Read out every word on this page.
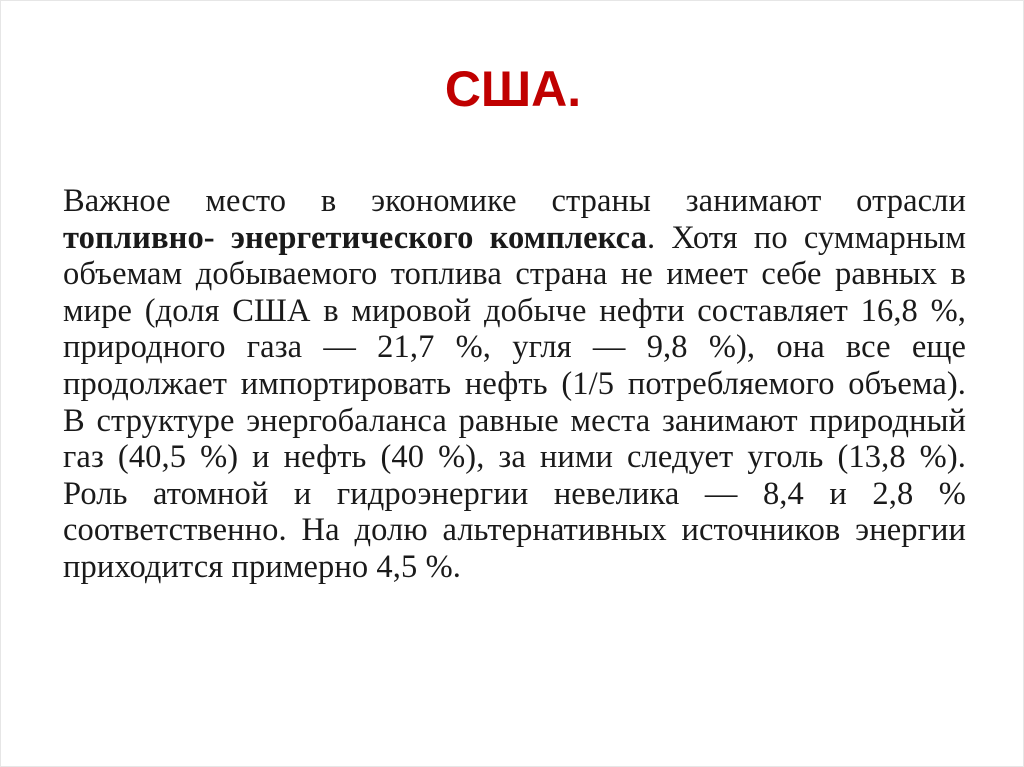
США.
Важное место в экономике страны занимают отрасли топливно- энергетического комплекса. Хотя по суммарным объемам добываемого топлива страна не имеет себе равных в мире (доля США в мировой добыче нефти составляет 16,8 %, природного газа — 21,7 %, угля — 9,8 %), она все еще продолжает импортировать нефть (1/5 потребляемого объема). В структуре энергобаланса равные места занимают природный газ (40,5 %) и нефть (40 %), за ними следует уголь (13,8 %). Роль атомной и гидроэнергии невелика — 8,4 и 2,8 % соответственно. На долю альтернативных источников энергии приходится примерно 4,5 %.
